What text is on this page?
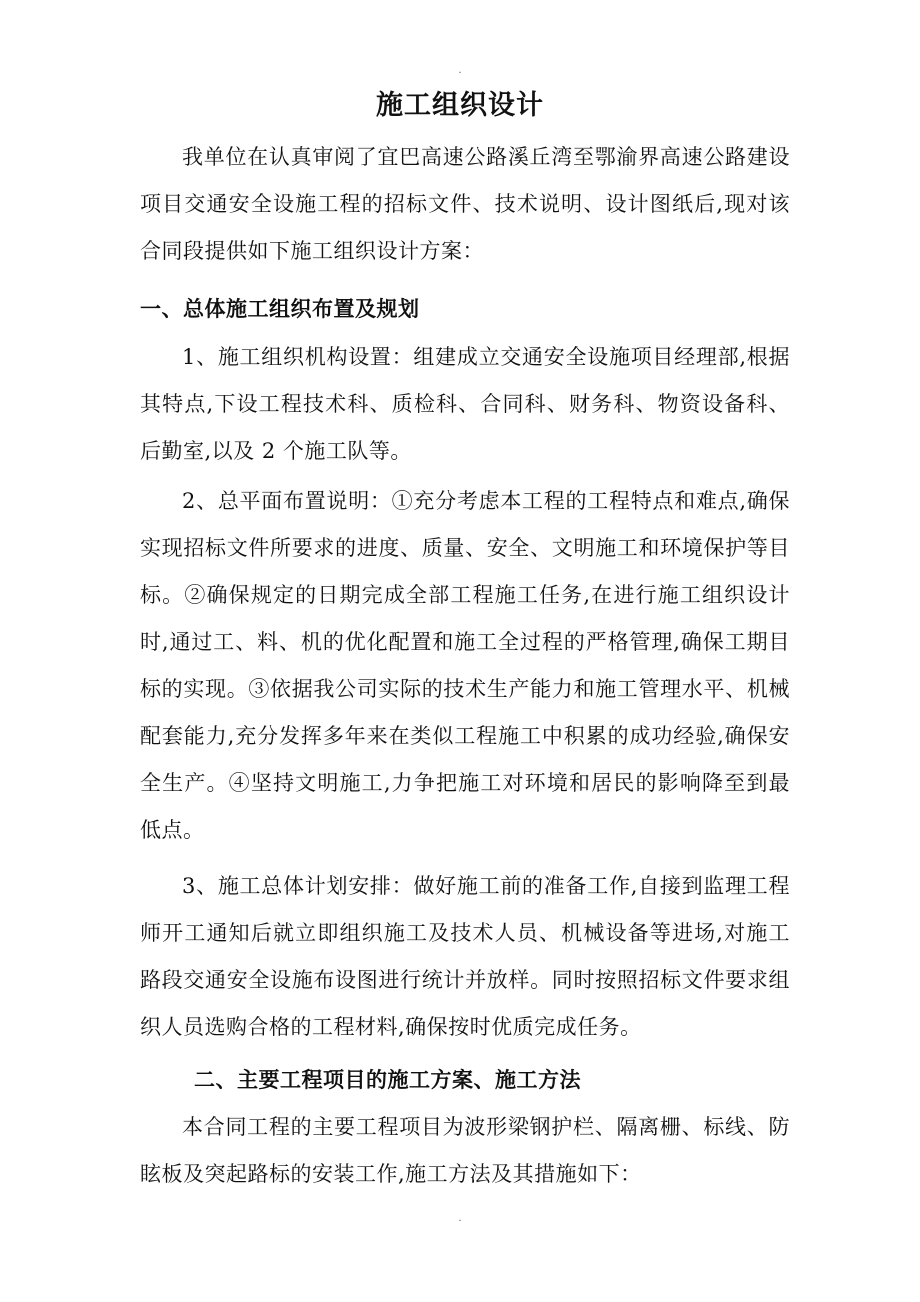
.
施工组织设计
我单位在认真审阅了宜巴高速公路溪丘湾至鄂渝界高速公路建设项目交通安全设施工程的招标文件、技术说明、设计图纸后,现对该合同段提供如下施工组织设计方案：
一、总体施工组织布置及规划
1、施工组织机构设置：组建成立交通安全设施项目经理部,根据其特点,下设工程技术科、质检科、合同科、财务科、物资设备科、后勤室,以及 2 个施工队等。
2、总平面布置说明：①充分考虑本工程的工程特点和难点,确保实现招标文件所要求的进度、质量、安全、文明施工和环境保护等目标。②确保规定的日期完成全部工程施工任务,在进行施工组织设计时,通过工、料、机的优化配置和施工全过程的严格管理,确保工期目标的实现。③依据我公司实际的技术生产能力和施工管理水平、机械配套能力,充分发挥多年来在类似工程施工中积累的成功经验,确保安全生产。④坚持文明施工,力争把施工对环境和居民的影响降至到最低点。
3、施工总体计划安排：做好施工前的准备工作,自接到监理工程师开工通知后就立即组织施工及技术人员、机械设备等进场,对施工路段交通安全设施布设图进行统计并放样。同时按照招标文件要求组织人员选购合格的工程材料,确保按时优质完成任务。
二、主要工程项目的施工方案、施工方法
本合同工程的主要工程项目为波形梁钢护栏、隔离栅、标线、防眩板及突起路标的安装工作,施工方法及其措施如下：
.
